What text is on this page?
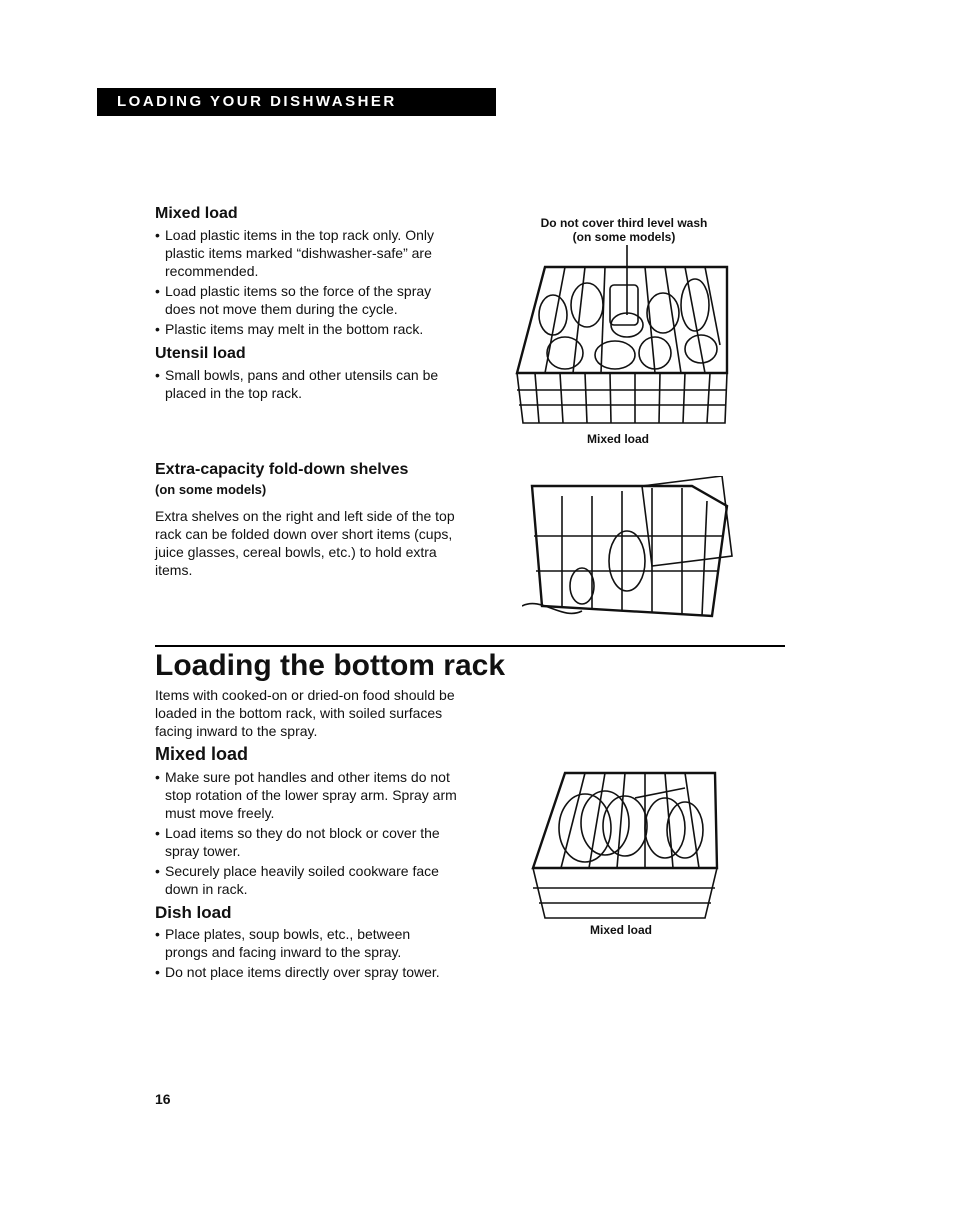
LOADING YOUR DISHWASHER
Mixed load
• Load plastic items in the top rack only. Only plastic items marked “dishwasher-safe” are recommended.
• Load plastic items so the force of the spray does not move them during the cycle.
• Plastic items may melt in the bottom rack.
Utensil load
• Small bowls, pans and other utensils can be placed in the top rack.
Do not cover third level wash
(on some models)
Mixed load
Extra-capacity fold-down shelves
(on some models)
Extra shelves on the right and left side of the top rack can be folded down over short items (cups, juice glasses, cereal bowls, etc.) to hold extra items.
Loading the bottom rack
Items with cooked-on or dried-on food should be loaded in the bottom rack, with soiled surfaces facing inward to the spray.
Mixed load
• Make sure pot handles and other items do not stop rotation of the lower spray arm. Spray arm must move freely.
• Load items so they do not block or cover the spray tower.
• Securely place heavily soiled cookware face down in rack.
Dish load
• Place plates, soup bowls, etc., between prongs and facing inward to the spray.
• Do not place items directly over spray tower.
Mixed load
16
